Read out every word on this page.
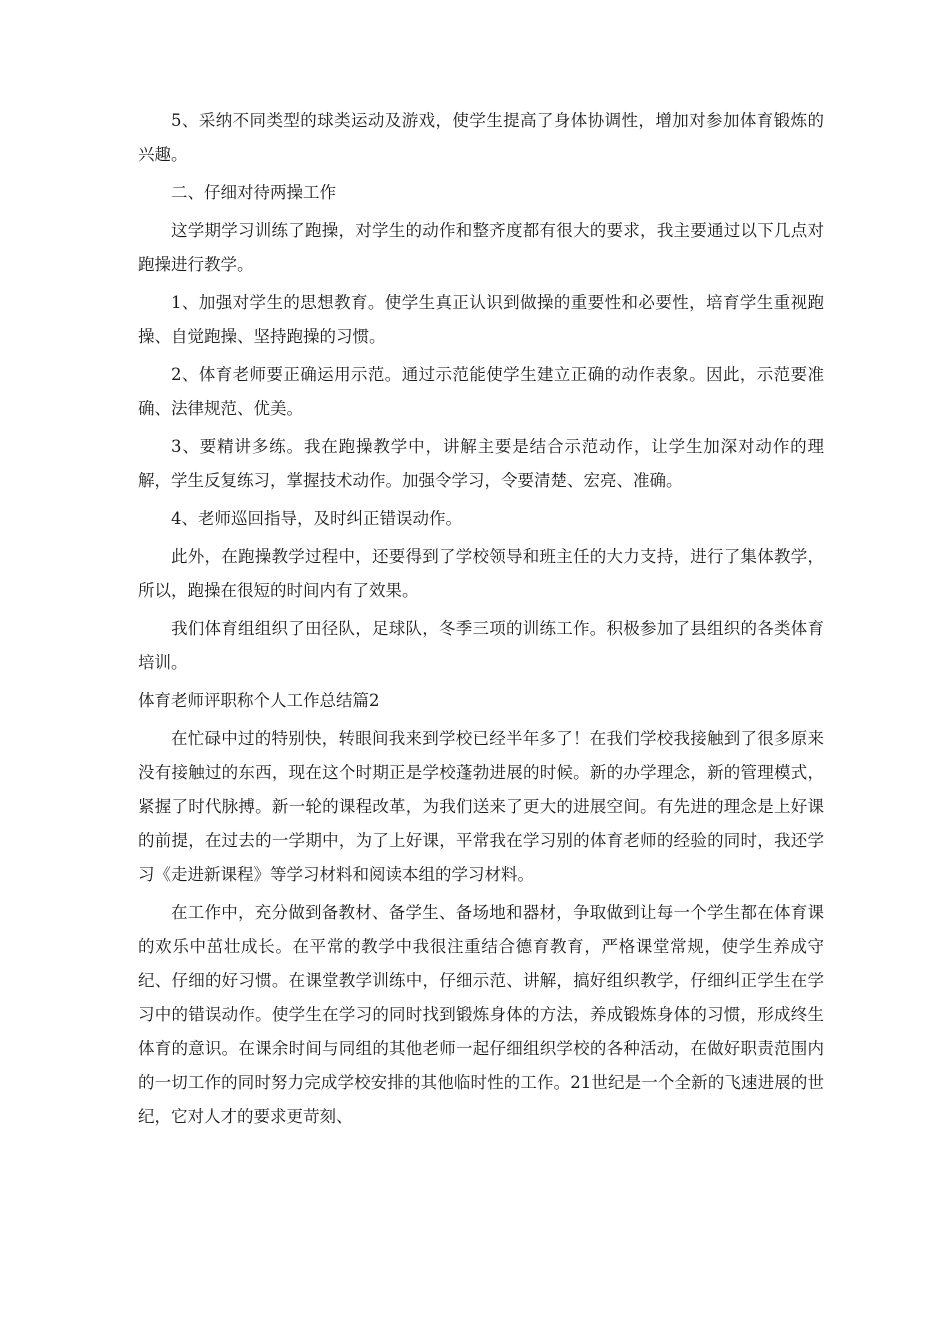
5、采纳不同类型的球类运动及游戏，使学生提高了身体协调性，增加对参加体育锻炼的兴趣。

二、仔细对待两操工作

这学期学习训练了跑操，对学生的动作和整齐度都有很大的要求，我主要通过以下几点对跑操进行教学。

1、加强对学生的思想教育。使学生真正认识到做操的重要性和必要性，培育学生重视跑操、自觉跑操、坚持跑操的习惯。

2、体育老师要正确运用示范。通过示范能使学生建立正确的动作表象。因此，示范要准确、法律规范、优美。

3、要精讲多练。我在跑操教学中，讲解主要是结合示范动作，让学生加深对动作的理解，学生反复练习，掌握技术动作。加强令学习，令要清楚、宏亮、准确。

4、老师巡回指导，及时纠正错误动作。

此外，在跑操教学过程中，还要得到了学校领导和班主任的大力支持，进行了集体教学，所以，跑操在很短的时间内有了效果。

我们体育组组织了田径队，足球队，冬季三项的训练工作。积极参加了县组织的各类体育培训。

体育老师评职称个人工作总结篇2

在忙碌中过的特别快，转眼间我来到学校已经半年多了！在我们学校我接触到了很多原来没有接触过的东西，现在这个时期正是学校蓬勃进展的时候。新的办学理念，新的管理模式，紧握了时代脉搏。新一轮的课程改革，为我们送来了更大的进展空间。有先进的理念是上好课的前提，在过去的一学期中，为了上好课，平常我在学习别的体育老师的经验的同时，我还学习《走进新课程》等学习材料和阅读本组的学习材料。

在工作中，充分做到备教材、备学生、备场地和器材，争取做到让每一个学生都在体育课的欢乐中茁壮成长。在平常的教学中我很注重结合德育教育，严格课堂常规，使学生养成守纪、仔细的好习惯。在课堂教学训练中，仔细示范、讲解，搞好组织教学，仔细纠正学生在学习中的错误动作。使学生在学习的同时找到锻炼身体的方法，养成锻炼身体的习惯，形成终生体育的意识。在课余时间与同组的其他老师一起仔细组织学校的各种活动，在做好职责范围内的一切工作的同时努力完成学校安排的其他临时性的工作。21世纪是一个全新的飞速进展的世纪，它对人才的要求更苛刻、
